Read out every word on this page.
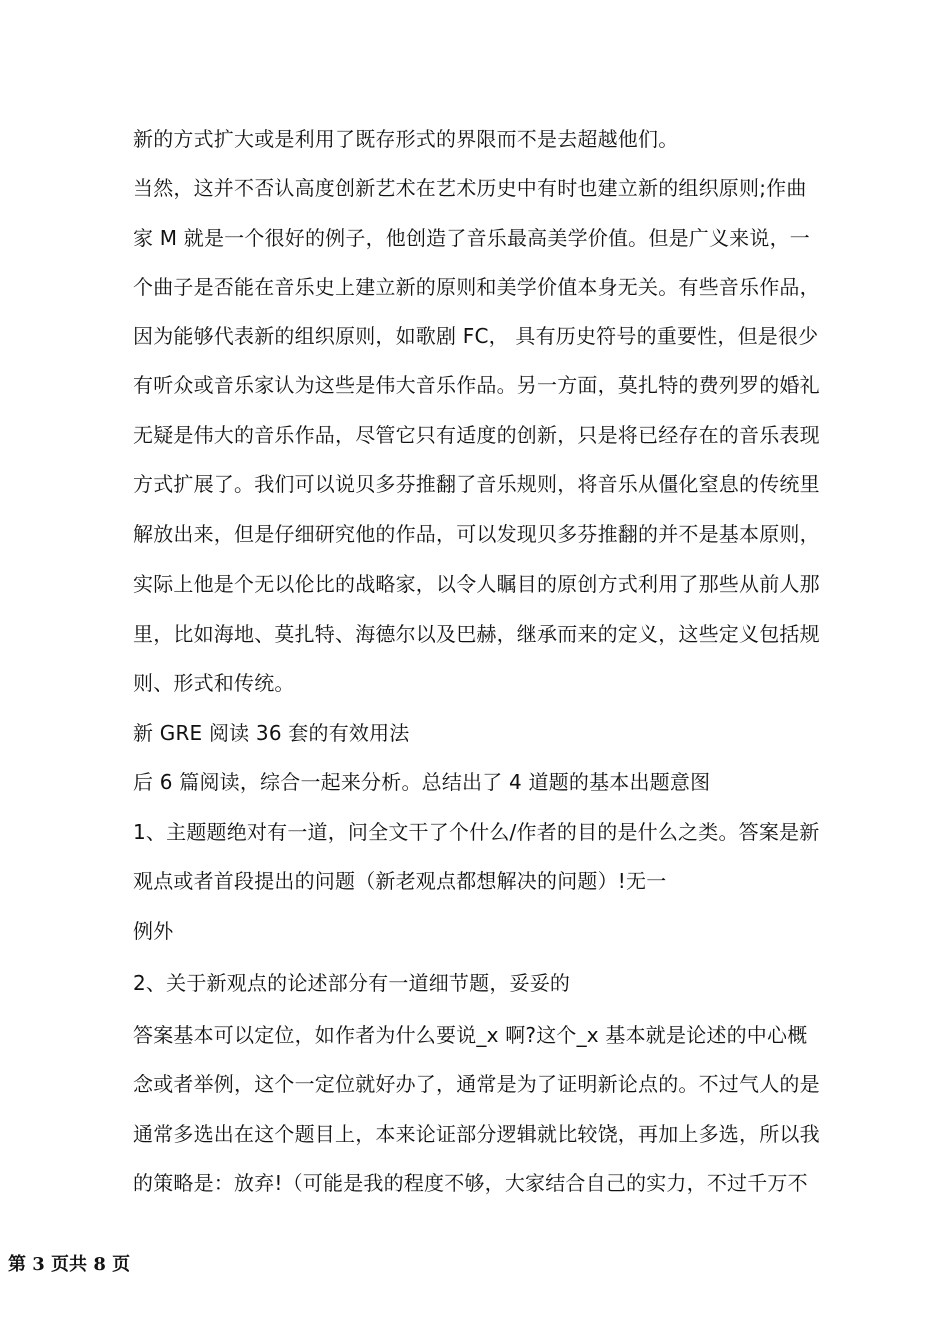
新的方式扩大或是利用了既存形式的界限而不是去超越他们。
当然，这并不否认高度创新艺术在艺术历史中有时也建立新的组织原则;作曲
家 M 就是一个很好的例子，他创造了音乐最高美学价值。但是广义来说，一
个曲子是否能在音乐史上建立新的原则和美学价值本身无关。有些音乐作品，
因为能够代表新的组织原则，如歌剧 FC， 具有历史符号的重要性，但是很少
有听众或音乐家认为这些是伟大音乐作品。另一方面，莫扎特的费列罗的婚礼
无疑是伟大的音乐作品，尽管它只有适度的创新，只是将已经存在的音乐表现
方式扩展了。我们可以说贝多芬推翻了音乐规则，将音乐从僵化窒息的传统里
解放出来，但是仔细研究他的作品，可以发现贝多芬推翻的并不是基本原则，
实际上他是个无以伦比的战略家，以令人瞩目的原创方式利用了那些从前人那
里，比如海地、莫扎特、海德尔以及巴赫，继承而来的定义，这些定义包括规
则、形式和传统。
新 GRE 阅读 36 套的有效用法
后 6 篇阅读，综合一起来分析。总结出了 4 道题的基本出题意图
1、主题题绝对有一道，问全文干了个什么/作者的目的是什么之类。答案是新
观点或者首段提出的问题（新老观点都想解决的问题）!无一
例外
2、关于新观点的论述部分有一道细节题，妥妥的
答案基本可以定位，如作者为什么要说_x 啊?这个_x 基本就是论述的中心概
念或者举例，这个一定位就好办了，通常是为了证明新论点的。不过气人的是
通常多选出在这个题目上，本来论证部分逻辑就比较饶，再加上多选，所以我
的策略是：放弃!（可能是我的程度不够，大家结合自己的实力，不过千万不
第 3 页共 8 页
